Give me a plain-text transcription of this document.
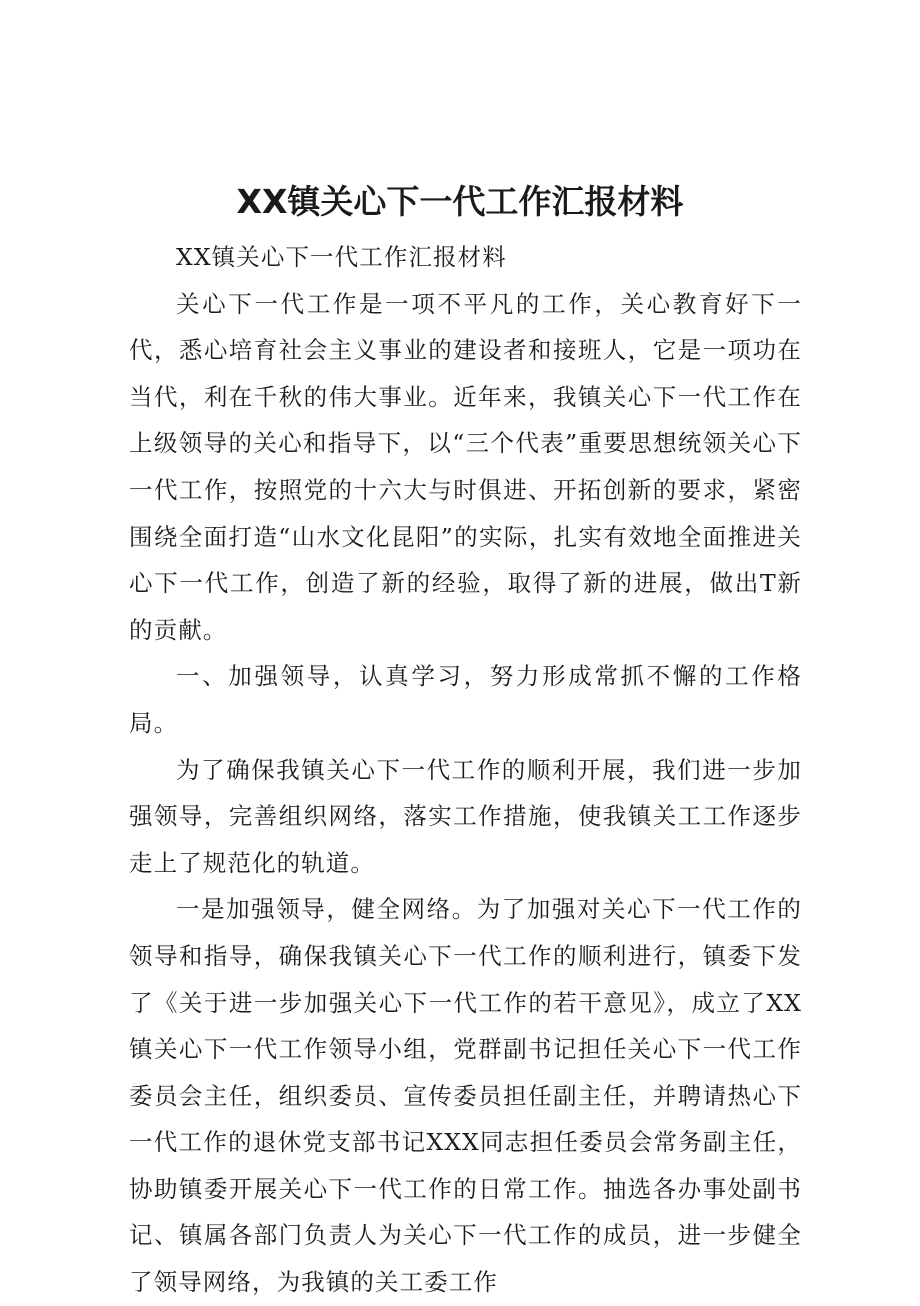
XX镇关心下一代工作汇报材料

XX镇关心下一代工作汇报材料

关心下一代工作是一项不平凡的工作，关心教育好下一代，悉心培育社会主义事业的建设者和接班人，它是一项功在当代，利在千秋的伟大事业。近年来，我镇关心下一代工作在上级领导的关心和指导下，以“三个代表”重要思想统领关心下一代工作，按照党的十六大与时俱进、开拓创新的要求，紧密围绕全面打造“山水文化昆阳”的实际，扎实有效地全面推进关心下一代工作，创造了新的经验，取得了新的进展，做出T新的贡献。

一、加强领导，认真学习，努力形成常抓不懈的工作格局。

为了确保我镇关心下一代工作的顺利开展，我们进一步加强领导，完善组织网络，落实工作措施，使我镇关工工作逐步走上了规范化的轨道。

一是加强领导，健全网络。为了加强对关心下一代工作的领导和指导，确保我镇关心下一代工作的顺利进行，镇委下发了《关于进一步加强关心下一代工作的若干意见》，成立了XX镇关心下一代工作领导小组，党群副书记担任关心下一代工作委员会主任，组织委员、宣传委员担任副主任，并聘请热心下一代工作的退休党支部书记XXX同志担任委员会常务副主任，协助镇委开展关心下一代工作的日常工作。抽选各办事处副书记、镇属各部门负责人为关心下一代工作的成员，进一步健全了领导网络，为我镇的关工委工作
